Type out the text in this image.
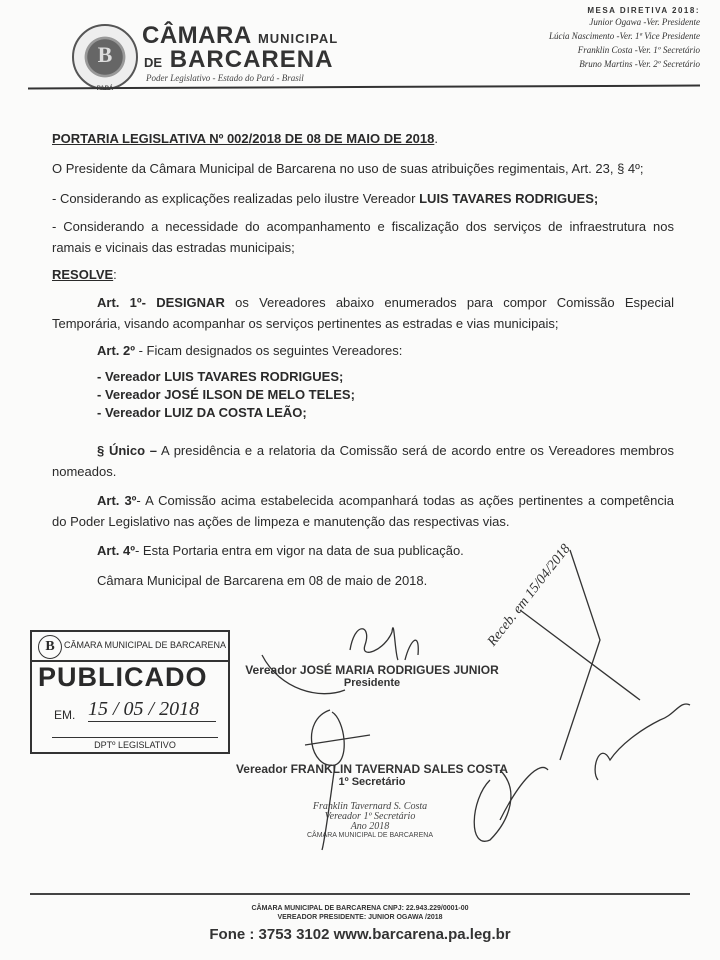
B
CÂMARA MUNICIPAL
DE BARCARENA
Poder Legislativo - Estado do Pará - Brasil
MESA DIRETIVA 2018:
Junior Ogawa -Ver. Presidente
Lúcia Nascimento -Ver. 1ª Vice Presidente
Franklin Costa -Ver. 1º Secretário
Bruno Martins -Ver. 2º Secretário
PORTARIA LEGISLATIVA Nº 002/2018 DE 08 DE MAIO DE 2018.
O Presidente da Câmara Municipal de Barcarena no uso de suas atribuições regimentais, Art. 23, § 4º;
- Considerando as explicações realizadas pelo ilustre Vereador LUIS TAVARES RODRIGUES;
- Considerando a necessidade do acompanhamento e fiscalização dos serviços de infraestrutura nos ramais e vicinais das estradas municipais;
RESOLVE:
Art. 1º- DESIGNAR os Vereadores abaixo enumerados para compor Comissão Especial Temporária, visando acompanhar os serviços pertinentes as estradas e vias municipais;
Art. 2º - Ficam designados os seguintes Vereadores:
- Vereador LUIS TAVARES RODRIGUES;
- Vereador JOSÉ ILSON DE MELO TELES;
- Vereador LUIZ DA COSTA LEÃO;
§ Único – A presidência e a relatoria da Comissão será de acordo entre os Vereadores membros nomeados.
Art. 3º- A Comissão acima estabelecida acompanhará todas as ações pertinentes a competência do Poder Legislativo nas ações de limpeza e manutenção das respectivas vias.
Art. 4º- Esta Portaria entra em vigor na data de sua publicação.
Câmara Municipal de Barcarena em 08 de maio de 2018.
B	CÂMARA MUNICIPAL DE BARCARENA
PUBLICADO
EM. 15 / 05 / 2018
DPTº LEGISLATIVO
Vereador JOSÉ MARIA RODRIGUES JUNIOR
Presidente
Vereador FRANKLIN TAVERNAD SALES COSTA
1º Secretário
Franklin Tavernard S. Costa
Vereador 1º Secretário
Ano 2018
CÂMARA MUNICIPAL DE BARCARENA
Receb. em 15/04/2018
CÂMARA MUNICIPAL DE BARCARENA CNPJ: 22.943.229/0001-00
VEREADOR PRESIDENTE: JUNIOR OGAWA /2018
Fone : 3753 3102 www.barcarena.pa.leg.br
